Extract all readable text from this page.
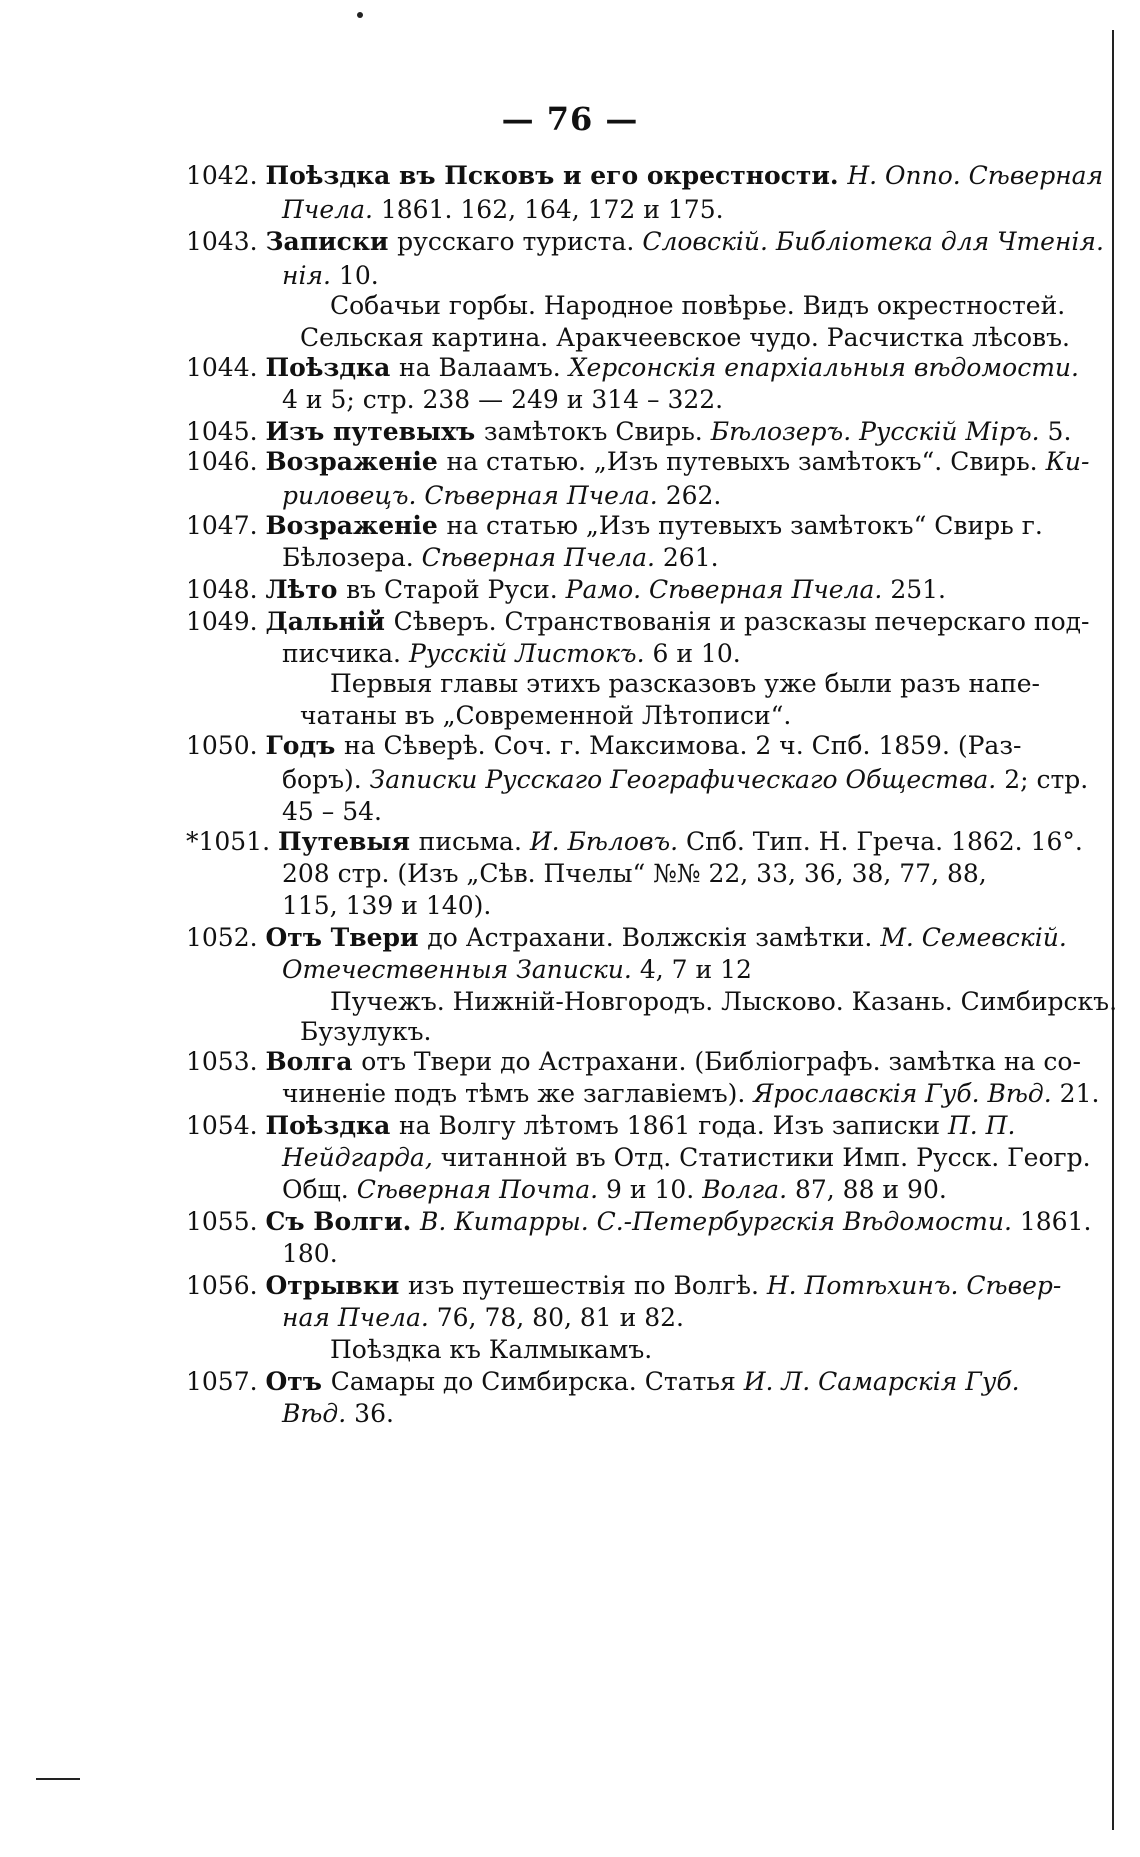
— 76 —
1042. Поѣздка въ Псковъ и его окрестности. Н. Оппо. Сѣверная
Пчела. 1861. 162, 164, 172 и 175.
1043. Записки русскаго туриста. Словскій. Библіотека для Чтенія.
нія. 10.
Собачьи горбы. Народное повѣрье. Видъ окрестностей.
Сельская картина. Аракчеевское чудо. Расчистка лѣсовъ.
1044. Поѣздка на Валаамъ. Херсонскія епархіальныя вѣдомости.
4 и 5; стр. 238 — 249 и 314 – 322.
1045. Изъ путевыхъ замѣтокъ Свирь. Бѣлозеръ. Русскій Міръ. 5.
1046. Возраженіе на статью. „Изъ путевыхъ замѣтокъ“. Свирь. Ки-
риловецъ. Сѣверная Пчела. 262.
1047. Возраженіе на статью „Изъ путевыхъ замѣтокъ“ Свирь г.
Бѣлозера. Сѣверная Пчела. 261.
1048. Лѣто въ Старой Руси. Рамо. Сѣверная Пчела. 251.
1049. Дальній Сѣверъ. Странствованія и разсказы печерскаго под-
писчика. Русскій Листокъ. 6 и 10.
Первыя главы этихъ разсказовъ уже были разъ напе-
чатаны въ „Современной Лѣтописи“.
1050. Годъ на Сѣверѣ. Соч. г. Максимова. 2 ч. Спб. 1859. (Раз-
боръ). Записки Русскаго Географическаго Общества. 2; стр.
45 – 54.
*1051. Путевыя письма. И. Бѣловъ. Спб. Тип. Н. Греча. 1862. 16°.
208 стр. (Изъ „Сѣв. Пчелы“ №№ 22, 33, 36, 38, 77, 88,
115, 139 и 140).
1052. Отъ Твери до Астрахани. Волжскія замѣтки. М. Семевскій.
Отечественныя Записки. 4, 7 и 12
Пучежъ. Нижній-Новгородъ. Лысково. Казань. Симбирскъ.
Бузулукъ.
1053. Волга отъ Твери до Астрахани. (Библіографъ. замѣтка на со-
чиненіе подъ тѣмъ же заглавіемъ). Ярославскія Губ. Вѣд. 21.
1054. Поѣздка на Волгу лѣтомъ 1861 года. Изъ записки П. П.
Нейдгарда, читанной въ Отд. Статистики Имп. Русск. Геогр.
Общ. Сѣверная Почта. 9 и 10. Волга. 87, 88 и 90.
1055. Съ Волги. В. Китарры. С.-Петербургскія Вѣдомости. 1861.
180.
1056. Отрывки изъ путешествія по Волгѣ. Н. Потѣхинъ. Сѣвер-
ная Пчела. 76, 78, 80, 81 и 82.
Поѣздка къ Калмыкамъ.
1057. Отъ Самары до Симбирска. Статья И. Л. Самарскія Губ.
Вѣд. 36.
